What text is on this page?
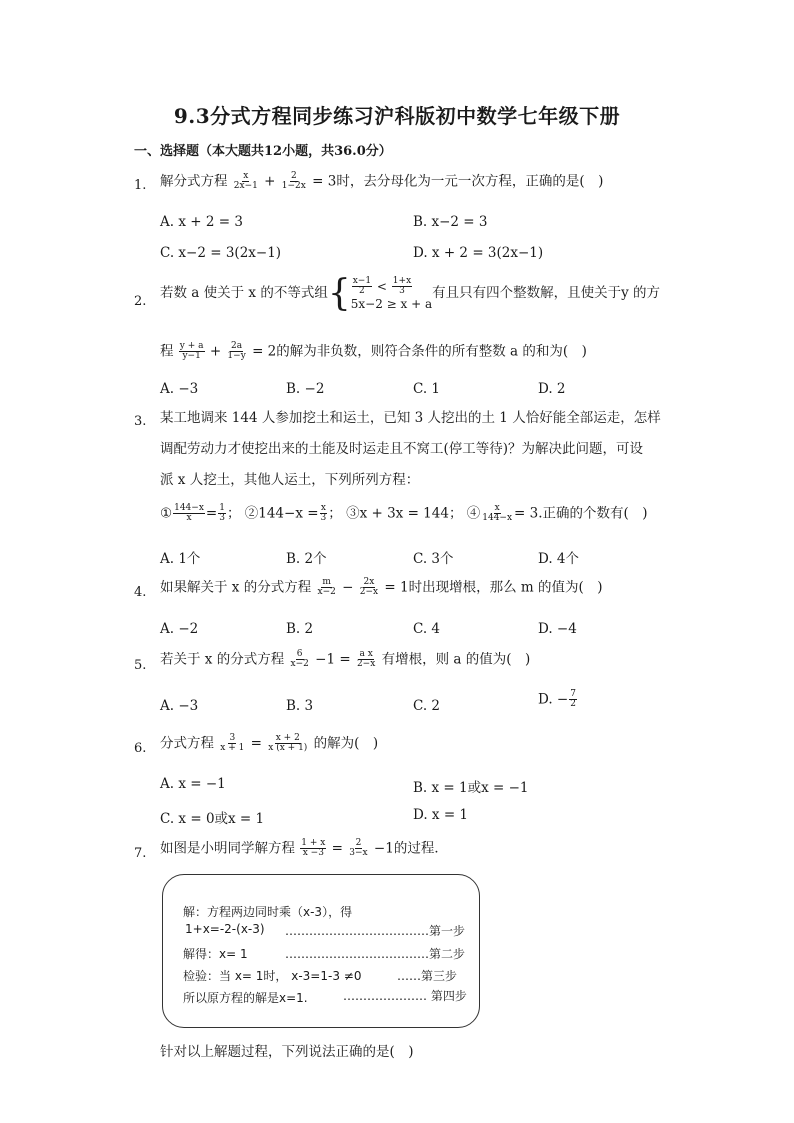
9.3分式方程同步练习沪科版初中数学七年级下册
一、选择题（本大题共12小题，共36.0分）
1. 解分式方程 $\frac{x}{2x-1} + \frac{2}{1-2x} = 3$时，去分母化为一元一次方程，正确的是(　)
A. x + 2 = 3	B. x−2 = 3
C. x−2 = 3(2x−1)	D. x + 2 = 3(2x−1)
2.
若数 a 使关于 x 的不等式组 { $\frac{x-1}{2} < \frac{1+x}{3}$
5x−2 ≥ x + a
有且只有四个整数解，且使关于y 的方
程 $\frac{y + a}{y-1} + \frac{2a}{1-y} = 2$的解为非负数，则符合条件的所有整数 a 的和为(　)
A. −3	B. −2	C. 1	D. 2
3. 某工地调来 144 人参加挖土和运土，已知 3 人挖出的土 1 人恰好能全部运走，怎样
调配劳动力才使挖出来的土能及时运走且不窝工(停工等待)？为解决此问题，可设
派 x 人挖土，其他人运土，下列所列方程：
① $\frac{144-x}{x} = \frac{1}{3}$ ； ②144−x = $\frac{x}{3}$ ； ③x + 3x = 144； ④ $\frac{x}{144-x} = 3$.正确的个数有(　)
A. 1个	B. 2个	C. 3个	D. 4个
4. 如果解关于 x 的分式方程 $\frac{m}{x-2} - \frac{2x}{2-x} = 1$时出现增根，那么 m 的值为(　)
A. −2	B. 2	C. 4	D. −4
5. 若关于 x 的分式方程 $\frac{6}{x-2} -1 = \frac{\text{a x}}{2-x}$ 有增根，则 a 的值为(　)
A. −3	B. 3	C. 2	D. − $\frac{7}{2}$
6. 分式方程 $\frac{3}{x + 1} = \frac{x + 2}{x (x + 1)}$ 的解为(　)
A. x = −1	B. x = 1或x = −1
C. x = 0或x = 1	D. x = 1
7. 如图是小明同学解方程 $\frac{1 + x}{x -3} = \frac{2}{3-x} -1$的过程．
解：方程两边同时乘（x-3），得
1+x=-2-(x-3) ………………………………第一步
解得：x= 1	………………………………第二步
检验：当 x= 1时， x-3=1-3 ≠0	……第三步
所以原方程的解是x=1.	………………… 第四步
针对以上解题过程，下列说法正确的是(　)
